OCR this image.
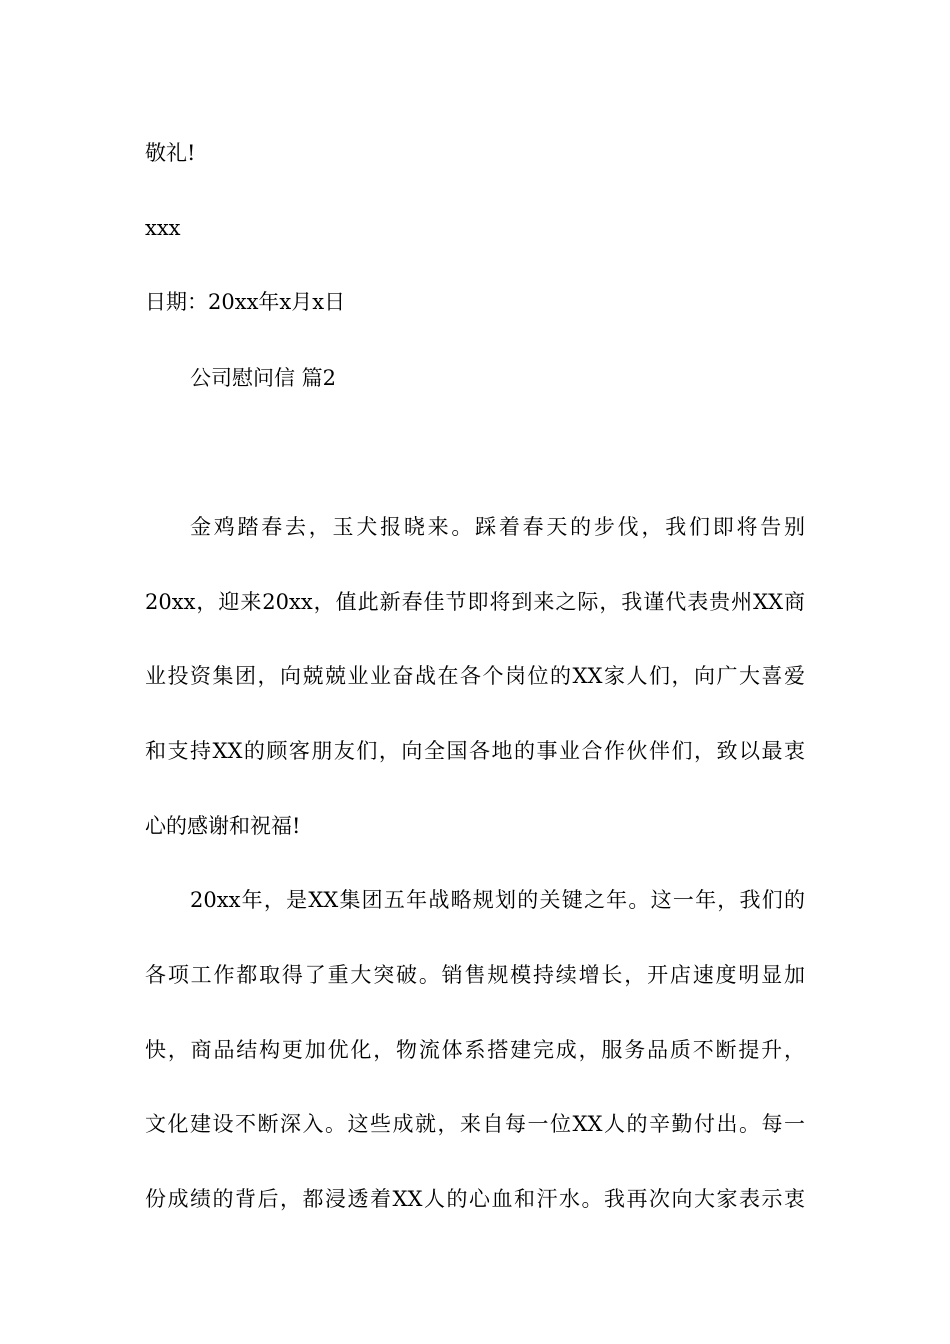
敬礼!

xxx

日期：20xx年x月x日

公司慰问信 篇2

金鸡踏春去，玉犬报晓来。踩着春天的步伐，我们即将告别

20xx，迎来20xx，值此新春佳节即将到来之际，我谨代表贵州XX商

业投资集团，向兢兢业业奋战在各个岗位的XX家人们，向广大喜爱

和支持XX的顾客朋友们，向全国各地的事业合作伙伴们，致以最衷

心的感谢和祝福!

20xx年，是XX集团五年战略规划的关键之年。这一年，我们的

各项工作都取得了重大突破。销售规模持续增长，开店速度明显加

快，商品结构更加优化，物流体系搭建完成，服务品质不断提升，

文化建设不断深入。这些成就，来自每一位XX人的辛勤付出。每一

份成绩的背后，都浸透着XX人的心血和汗水。我再次向大家表示衷
